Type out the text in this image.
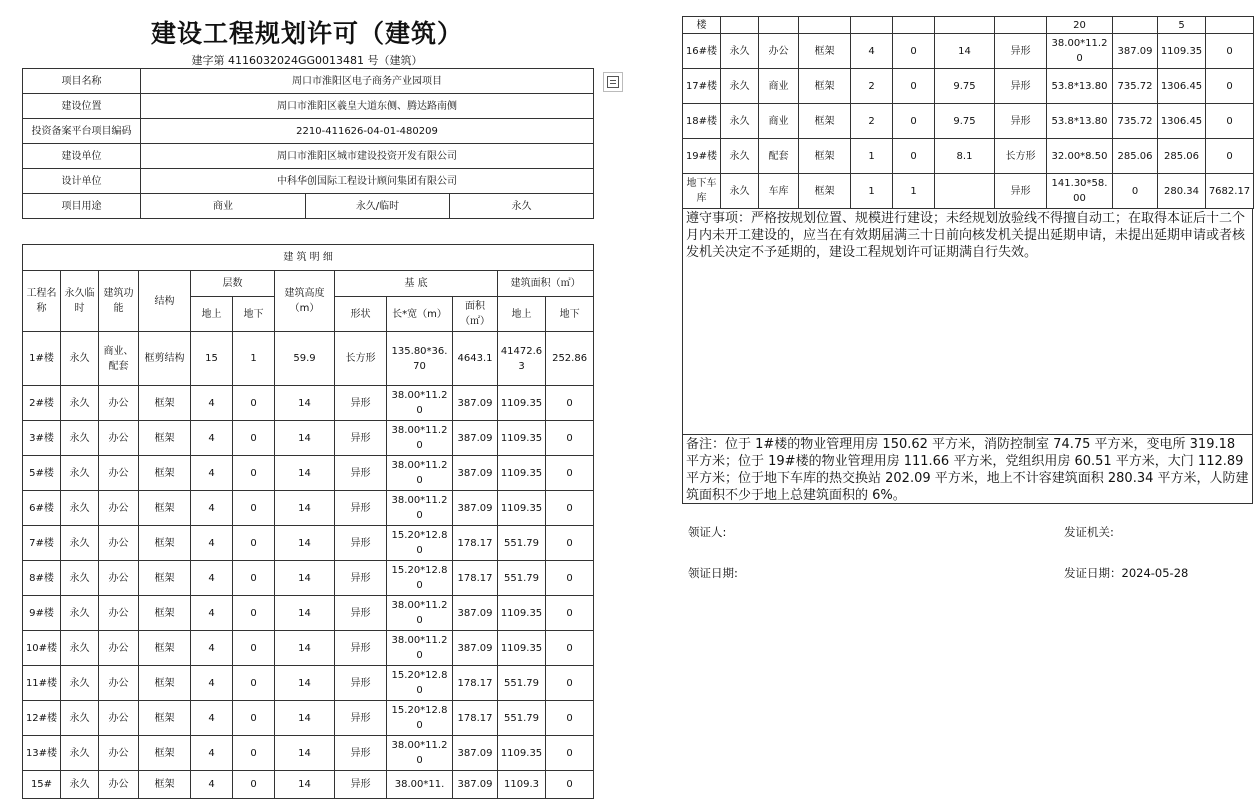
建设工程规划许可（建筑）
建字第 4116032024GG0013481 号（建筑）
项目名称	周口市淮阳区电子商务产业园项目		
建设位置	周口市淮阳区羲皇大道东侧、腾达路南侧		
投资备案平台项目编码	2210-411626-04-01-480209		
建设单位	周口市淮阳区城市建设投资开发有限公司		
设计单位	中科华创国际工程设计顾问集团有限公司		
项目用途	商业	永久/临时	永久
建 筑 明 细											
工程名称	永久临时	建筑功能	结构	层数		建筑高度（m）	基 底			建筑面积（㎡）	
				地上	地下		形状	长*宽（m）	面积（㎡）	地上	地下
1#楼	永久	商业、配套	框剪结构	15	1	59.9	长方形	135.80*36.70	4643.1	41472.63	252.86
2#楼	永久	办公	框架	4	0	14	异形	38.00*11.20	387.09	1109.35	0
3#楼	永久	办公	框架	4	0	14	异形	38.00*11.20	387.09	1109.35	0
5#楼	永久	办公	框架	4	0	14	异形	38.00*11.20	387.09	1109.35	0
6#楼	永久	办公	框架	4	0	14	异形	38.00*11.20	387.09	1109.35	0
7#楼	永久	办公	框架	4	0	14	异形	15.20*12.80	178.17	551.79	0
8#楼	永久	办公	框架	4	0	14	异形	15.20*12.80	178.17	551.79	0
9#楼	永久	办公	框架	4	0	14	异形	38.00*11.20	387.09	1109.35	0
10#楼	永久	办公	框架	4	0	14	异形	38.00*11.20	387.09	1109.35	0
11#楼	永久	办公	框架	4	0	14	异形	15.20*12.80	178.17	551.79	0
12#楼	永久	办公	框架	4	0	14	异形	15.20*12.80	178.17	551.79	0
13#楼	永久	办公	框架	4	0	14	异形	38.00*11.20	387.09	1109.35	0
15#	永久	办公	框架	4	0	14	异形	38.00*11.	387.09	1109.3	0
楼								20		5	
16#楼	永久	办公	框架	4	0	14	异形	38.00*11.20	387.09	1109.35	0
17#楼	永久	商业	框架	2	0	9.75	异形	53.8*13.80	735.72	1306.45	0
18#楼	永久	商业	框架	2	0	9.75	异形	53.8*13.80	735.72	1306.45	0
19#楼	永久	配套	框架	1	0	8.1	长方形	32.00*8.50	285.06	285.06	0
地下车库	永久	车库	框架	1	1		异形	141.30*58.00	0	280.34	7682.17
遵守事项：严格按规划位置、规模进行建设；未经规划放验线不得擅自动工；在取得本证后十二个月内未开工建设的，应当在有效期届满三十日前向核发机关提出延期申请，未提出延期申请或者核发机关决定不予延期的，建设工程规划许可证期满自行失效。
备注：位于 1#楼的物业管理用房 150.62 平方米，消防控制室 74.75 平方米，变电所 319.18 平方米；位于 19#楼的物业管理用房 111.66 平方米，党组织用房 60.51 平方米，大门 112.89 平方米；位于地下车库的热交换站 202.09 平方米，地上不计容建筑面积 280.34 平方米，人防建筑面积不少于地上总建筑面积的 6%。
领证人:	发证机关:
领证日期:	发证日期：2024-05-28
